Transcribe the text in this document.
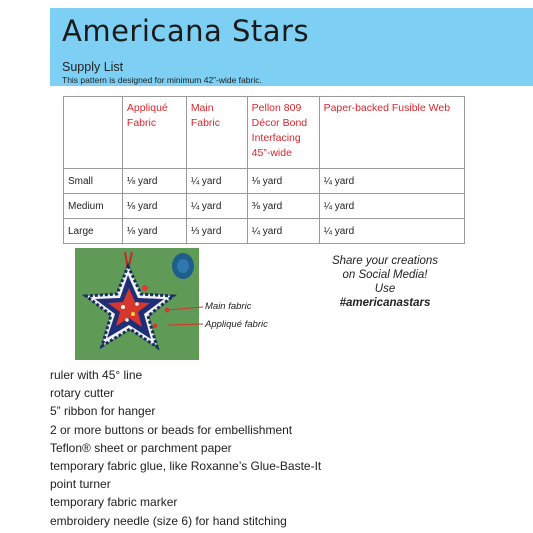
Americana Stars
Supply List
This pattern is designed for minimum 42”-wide fabric.
	Appliqué Fabric	Main Fabric	Pellon 809 Décor Bond Interfacing 45”-wide	Paper-backed Fusible Web
Small	⅛ yard	¼ yard	⅛ yard	¼ yard
Medium	⅛ yard	¼ yard	⅜ yard	¼ yard
Large	⅛ yard	⅓ yard	¼ yard	¼ yard
Main fabric
Appliqué fabric
Share your creations
on Social Media!
Use
#americanastars
ruler with 45° line
rotary cutter
5” ribbon for hanger
2 or more buttons or beads for embellishment
Teflon® sheet or parchment paper
temporary fabric glue, like Roxanne’s Glue-Baste-It
point turner
temporary fabric marker
embroidery needle (size 6) for hand stitching
